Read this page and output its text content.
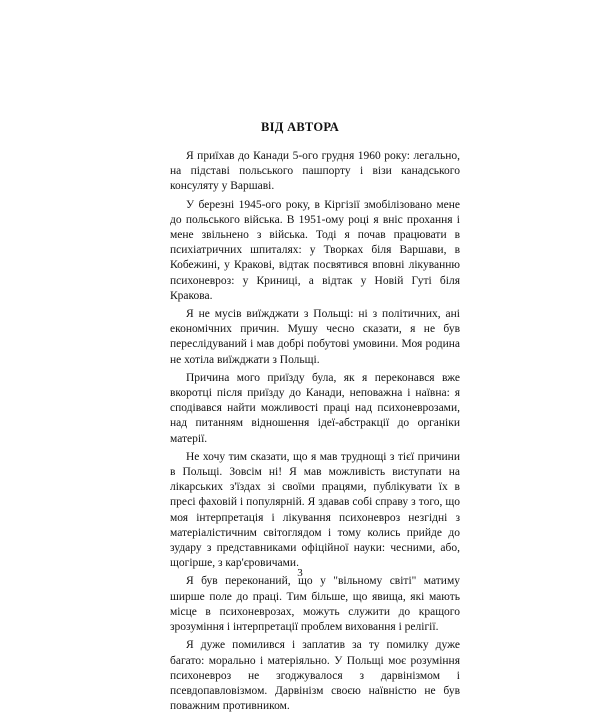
ВІД АВТОРА

Я приїхав до Канади 5-ого грудня 1960 року: легально, на підставі польського пашпорту і візи канадського консуляту у Варшаві.

У березні 1945-ого року, в Кіргізії змобілізовано мене до польського війська. В 1951-ому році я вніс прохання і мене звільнено з війська. Тоді я почав працювати в психіатричних шпиталях: у Творках біля Варшави, в Кобежині, у Кракові, відтак посвятився вповні лікуванню психоневроз: у Криниці, а відтак у Новій Гуті біля Кракова.

Я не мусів виїжджати з Польщі: ні з політичних, ані економічних причин. Мушу чесно сказати, я не був переслідуваний і мав добрі побутові умовини. Моя родина не хотіла виїжджати з Польщі.

Причина мого приїзду була, як я переконався вже вкоротці після приїзду до Канади, неповажна і наївна: я сподівався найти можливості праці над психоневрозами, над питанням відношення ідеї-абстракції до органіки матерії.

Не хочу тим сказати, що я мав труднощі з тієї причини в Польщі. Зовсім ні! Я мав можливість виступати на лікарських з'їздах зі своїми працями, публікувати їх в пресі фаховій і популярній. Я здавав собі справу з того, що моя інтерпретація і лікування психоневроз незгідні з матеріалістичним світоглядом і тому колись прийде до зудару з представниками офіційної науки: чесними, або, щогірше, з кар'єровичами.

Я був переконаний, що у "вільному світі" матиму ширше поле до праці. Тим більше, що явища, які мають місце в психоневрозах, можуть служити до кращого зрозуміння і інтерпретації проблем виховання і релігії.

Я дуже помилився і заплатив за ту помилку дуже багато: морально і матеріяльно. У Польщі моє розуміння психоневроз не згоджувалося з дарвінізмом і псевдопавловізмом. Дарвінізм своєю наївністю не був поважним противником.

3
